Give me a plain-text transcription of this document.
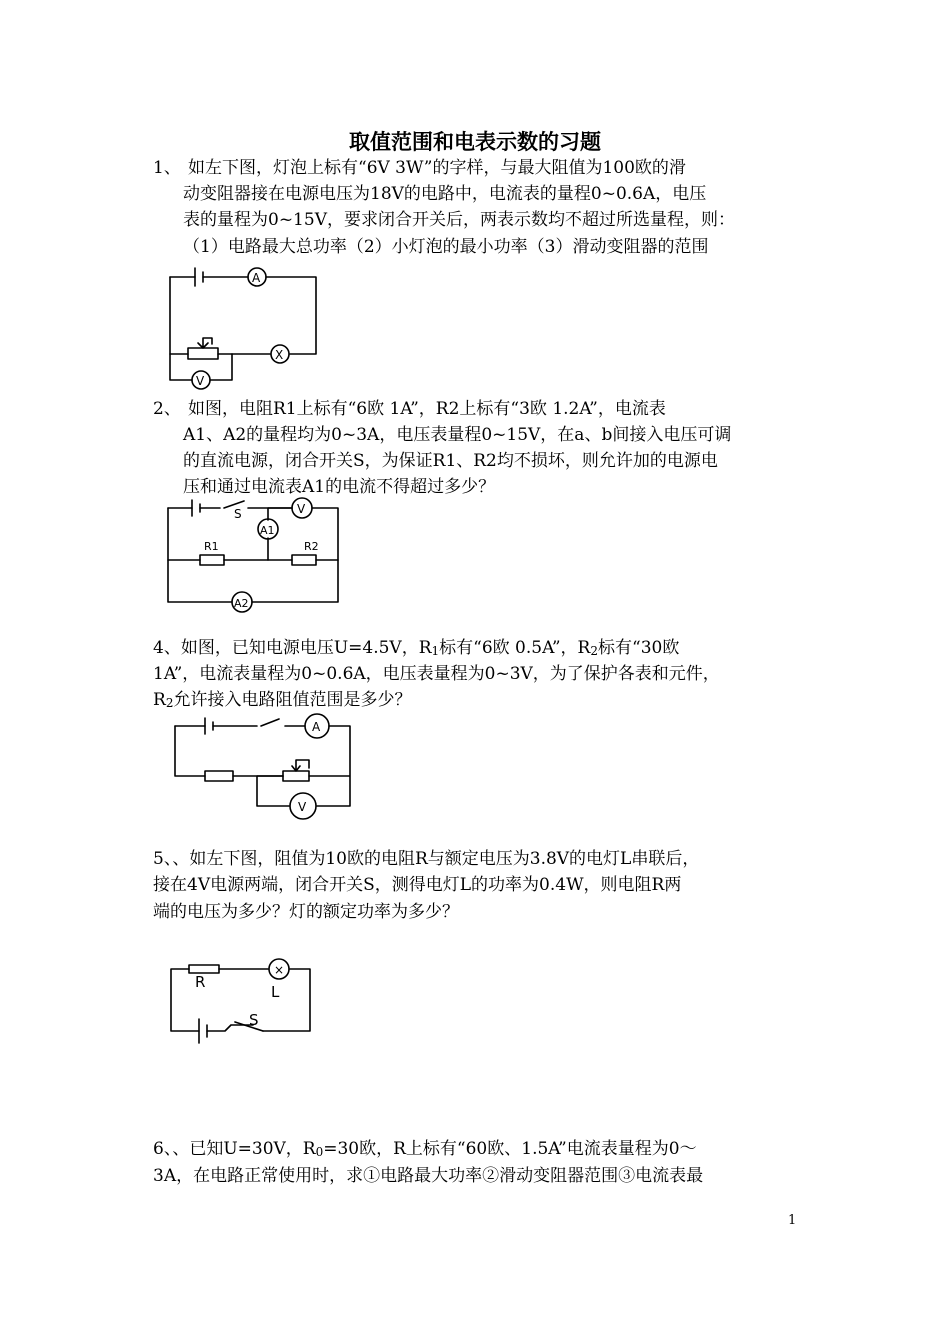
取值范围和电表示数的习题
1、 如左下图，灯泡上标有“6V 3W”的字样，与最大阻值为100欧的滑
动变阻器接在电源电压为18V的电路中，电流表的量程0~0.6A，电压
表的量程为0~15V，要求闭合开关后，两表示数均不超过所选量程，则：
（1）电路最大总功率（2）小灯泡的最小功率（3）滑动变阻器的范围
A
X
V
2、 如图，电阻R1上标有“6欧 1A”，R2上标有“3欧 1.2A”，电流表
A1、A2的量程均为0~3A，电压表量程0~15V，在a、b间接入电压可调
的直流电源，闭合开关S，为保证R1、R2均不损坏，则允许加的电源电
压和通过电流表A1的电流不得超过多少？
S	V
A1
A2
R1	R2
4、如图，已知电源电压U=4.5V，$R_1$标有“6欧 0.5A”，$R_2$标有“30欧
1A”，电流表量程为0~0.6A，电压表量程为0~3V，为了保护各表和元件，
$R_2$允许接入电路阻值范围是多少？
A
V
5、、如左下图，阻值为10欧的电阻R与额定电压为3.8V的电灯L串联后，
接在4V电源两端，闭合开关S，测得电灯L的功率为0.4W，则电阻R两
端的电压为多少？灯的额定功率为多少？
R
×
L
S
6、、已知U=30V，$R_0=30$欧，R上标有“60欧、1.5A”电流表量程为0～
3A，在电路正常使用时，求①电路最大功率②滑动变阻器范围③电流表最
1
